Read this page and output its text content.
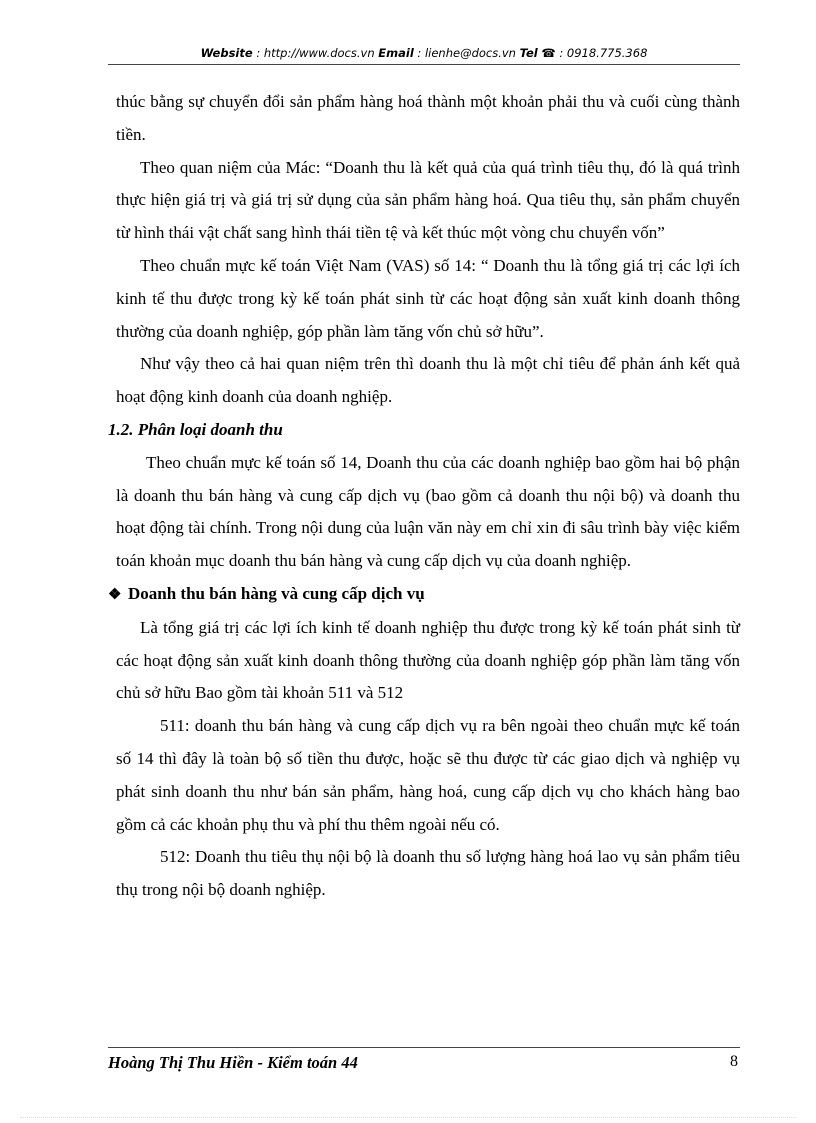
Website : http://www.docs.vn Email : lienhe@docs.vn Tel ☎ : 0918.775.368

thúc bằng sự chuyển đổi sản phẩm hàng hoá thành một khoản phải thu và cuối cùng thành tiền.

Theo quan niệm của Mác: “Doanh thu là kết quả của quá trình tiêu thụ, đó là quá trình thực hiện giá trị và giá trị sử dụng của sản phẩm hàng hoá. Qua tiêu thụ, sản phẩm chuyển từ hình thái vật chất sang hình thái tiền tệ và kết thúc một vòng chu chuyển vốn”

Theo chuẩn mực kế toán Việt Nam (VAS) số 14: “ Doanh thu là tổng giá trị các lợi ích kinh tế thu được trong kỳ kế toán phát sinh từ các hoạt động sản xuất kinh doanh thông thường của doanh nghiệp, góp phần làm tăng vốn chủ sở hữu”.

Như vậy theo cả hai quan niệm trên thì doanh thu là một chỉ tiêu để phản ánh kết quả hoạt động kinh doanh của doanh nghiệp.

1.2. Phân loại doanh thu

Theo chuẩn mực kế toán số 14, Doanh thu của các doanh nghiệp bao gồm hai bộ phận là doanh thu bán hàng và cung cấp dịch vụ (bao gồm cả doanh thu nội bộ) và doanh thu hoạt động tài chính. Trong nội dung của luận văn này em chỉ xin đi sâu trình bày việc kiểm toán khoản mục doanh thu bán hàng và cung cấp dịch vụ của doanh nghiệp.

❖ Doanh thu bán hàng và cung cấp dịch vụ

Là tổng giá trị các lợi ích kinh tế doanh nghiệp thu được trong kỳ kế toán phát sinh từ các hoạt động sản xuất kinh doanh thông thường của doanh nghiệp góp phần làm tăng vốn chủ sở hữu Bao gồm tài khoản 511 và 512

511: doanh thu bán hàng và cung cấp dịch vụ ra bên ngoài theo chuẩn mực kế toán số 14 thì đây là toàn bộ số tiền thu được, hoặc sẽ thu được từ các giao dịch và nghiệp vụ phát sinh doanh thu như bán sản phẩm, hàng hoá, cung cấp dịch vụ cho khách hàng bao gồm cả các khoản phụ thu và phí thu thêm ngoài nếu có.

512: Doanh thu tiêu thụ nội bộ là doanh thu số lượng hàng hoá lao vụ sản phẩm tiêu thụ trong nội bộ doanh nghiệp.

Hoàng Thị Thu Hiền - Kiểm toán 44	8
